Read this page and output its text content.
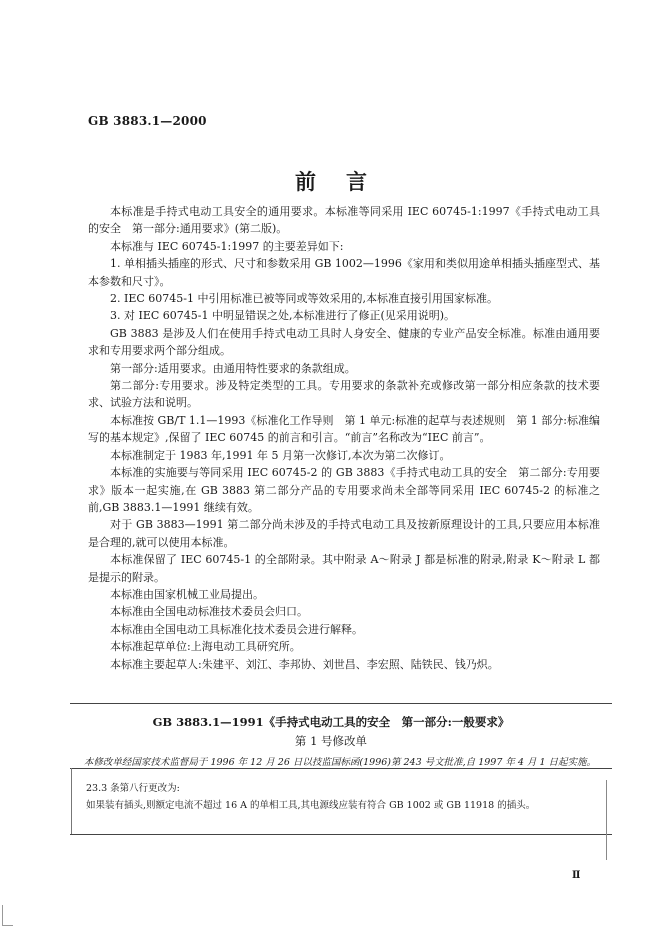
GB 3883.1—2000
前言

本标准是手持式电动工具安全的通用要求。本标准等同采用 IEC 60745-1:1997《手持式电动工具的安全　第一部分:通用要求》(第二版)。

本标准与 IEC 60745-1:1997 的主要差异如下:

1. 单相插头插座的形式、尺寸和参数采用 GB 1002—1996《家用和类似用途单相插头插座型式、基本参数和尺寸》。

2. IEC 60745-1 中引用标准已被等同或等效采用的,本标准直接引用国家标准。

3. 对 IEC 60745-1 中明显错误之处,本标准进行了修正(见采用说明)。

GB 3883 是涉及人们在使用手持式电动工具时人身安全、健康的专业产品安全标准。标准由通用要求和专用要求两个部分组成。

第一部分:适用要求。由通用特性要求的条款组成。

第二部分:专用要求。涉及特定类型的工具。专用要求的条款补充或修改第一部分相应条款的技术要求、试验方法和说明。

本标准按 GB/T 1.1—1993《标准化工作导则　第 1 单元:标准的起草与表述规则　第 1 部分:标准编写的基本规定》,保留了 IEC 60745 的前言和引言。“前言”名称改为“IEC 前言”。

本标准制定于 1983 年,1991 年 5 月第一次修订,本次为第二次修订。

本标准的实施要与等同采用 IEC 60745-2 的 GB 3883《手持式电动工具的安全　第二部分:专用要求》版本一起实施,在 GB 3883 第二部分产品的专用要求尚未全部等同采用 IEC 60745-2 的标准之前,GB 3883.1—1991 继续有效。

对于 GB 3883—1991 第二部分尚未涉及的手持式电动工具及按新原理设计的工具,只要应用本标准是合理的,就可以使用本标准。

本标准保留了 IEC 60745-1 的全部附录。其中附录 A～附录 J 都是标准的附录,附录 K～附录 L 都是提示的附录。

本标准由国家机械工业局提出。

本标准由全国电动标准技术委员会归口。

本标准由全国电动工具标准化技术委员会进行解释。

本标准起草单位:上海电动工具研究所。

本标准主要起草人:朱建平、刘江、李邦协、刘世昌、李宏照、陆铁民、钱乃炽。

GB 3883.1—1991《手持式电动工具的安全　第一部分:一般要求》
第 1 号修改单
本修改单经国家技术监督局于 1996 年 12 月 26 日以技监国标函(1996)第 243 号文批准,自 1997 年 4 月 1 日起实施。

23.3 条第八行更改为:

如果装有插头,则额定电流不超过 16 A 的单相工具,其电源线应装有符合 GB 1002 或 GB 11918 的插头。

Ⅱ
